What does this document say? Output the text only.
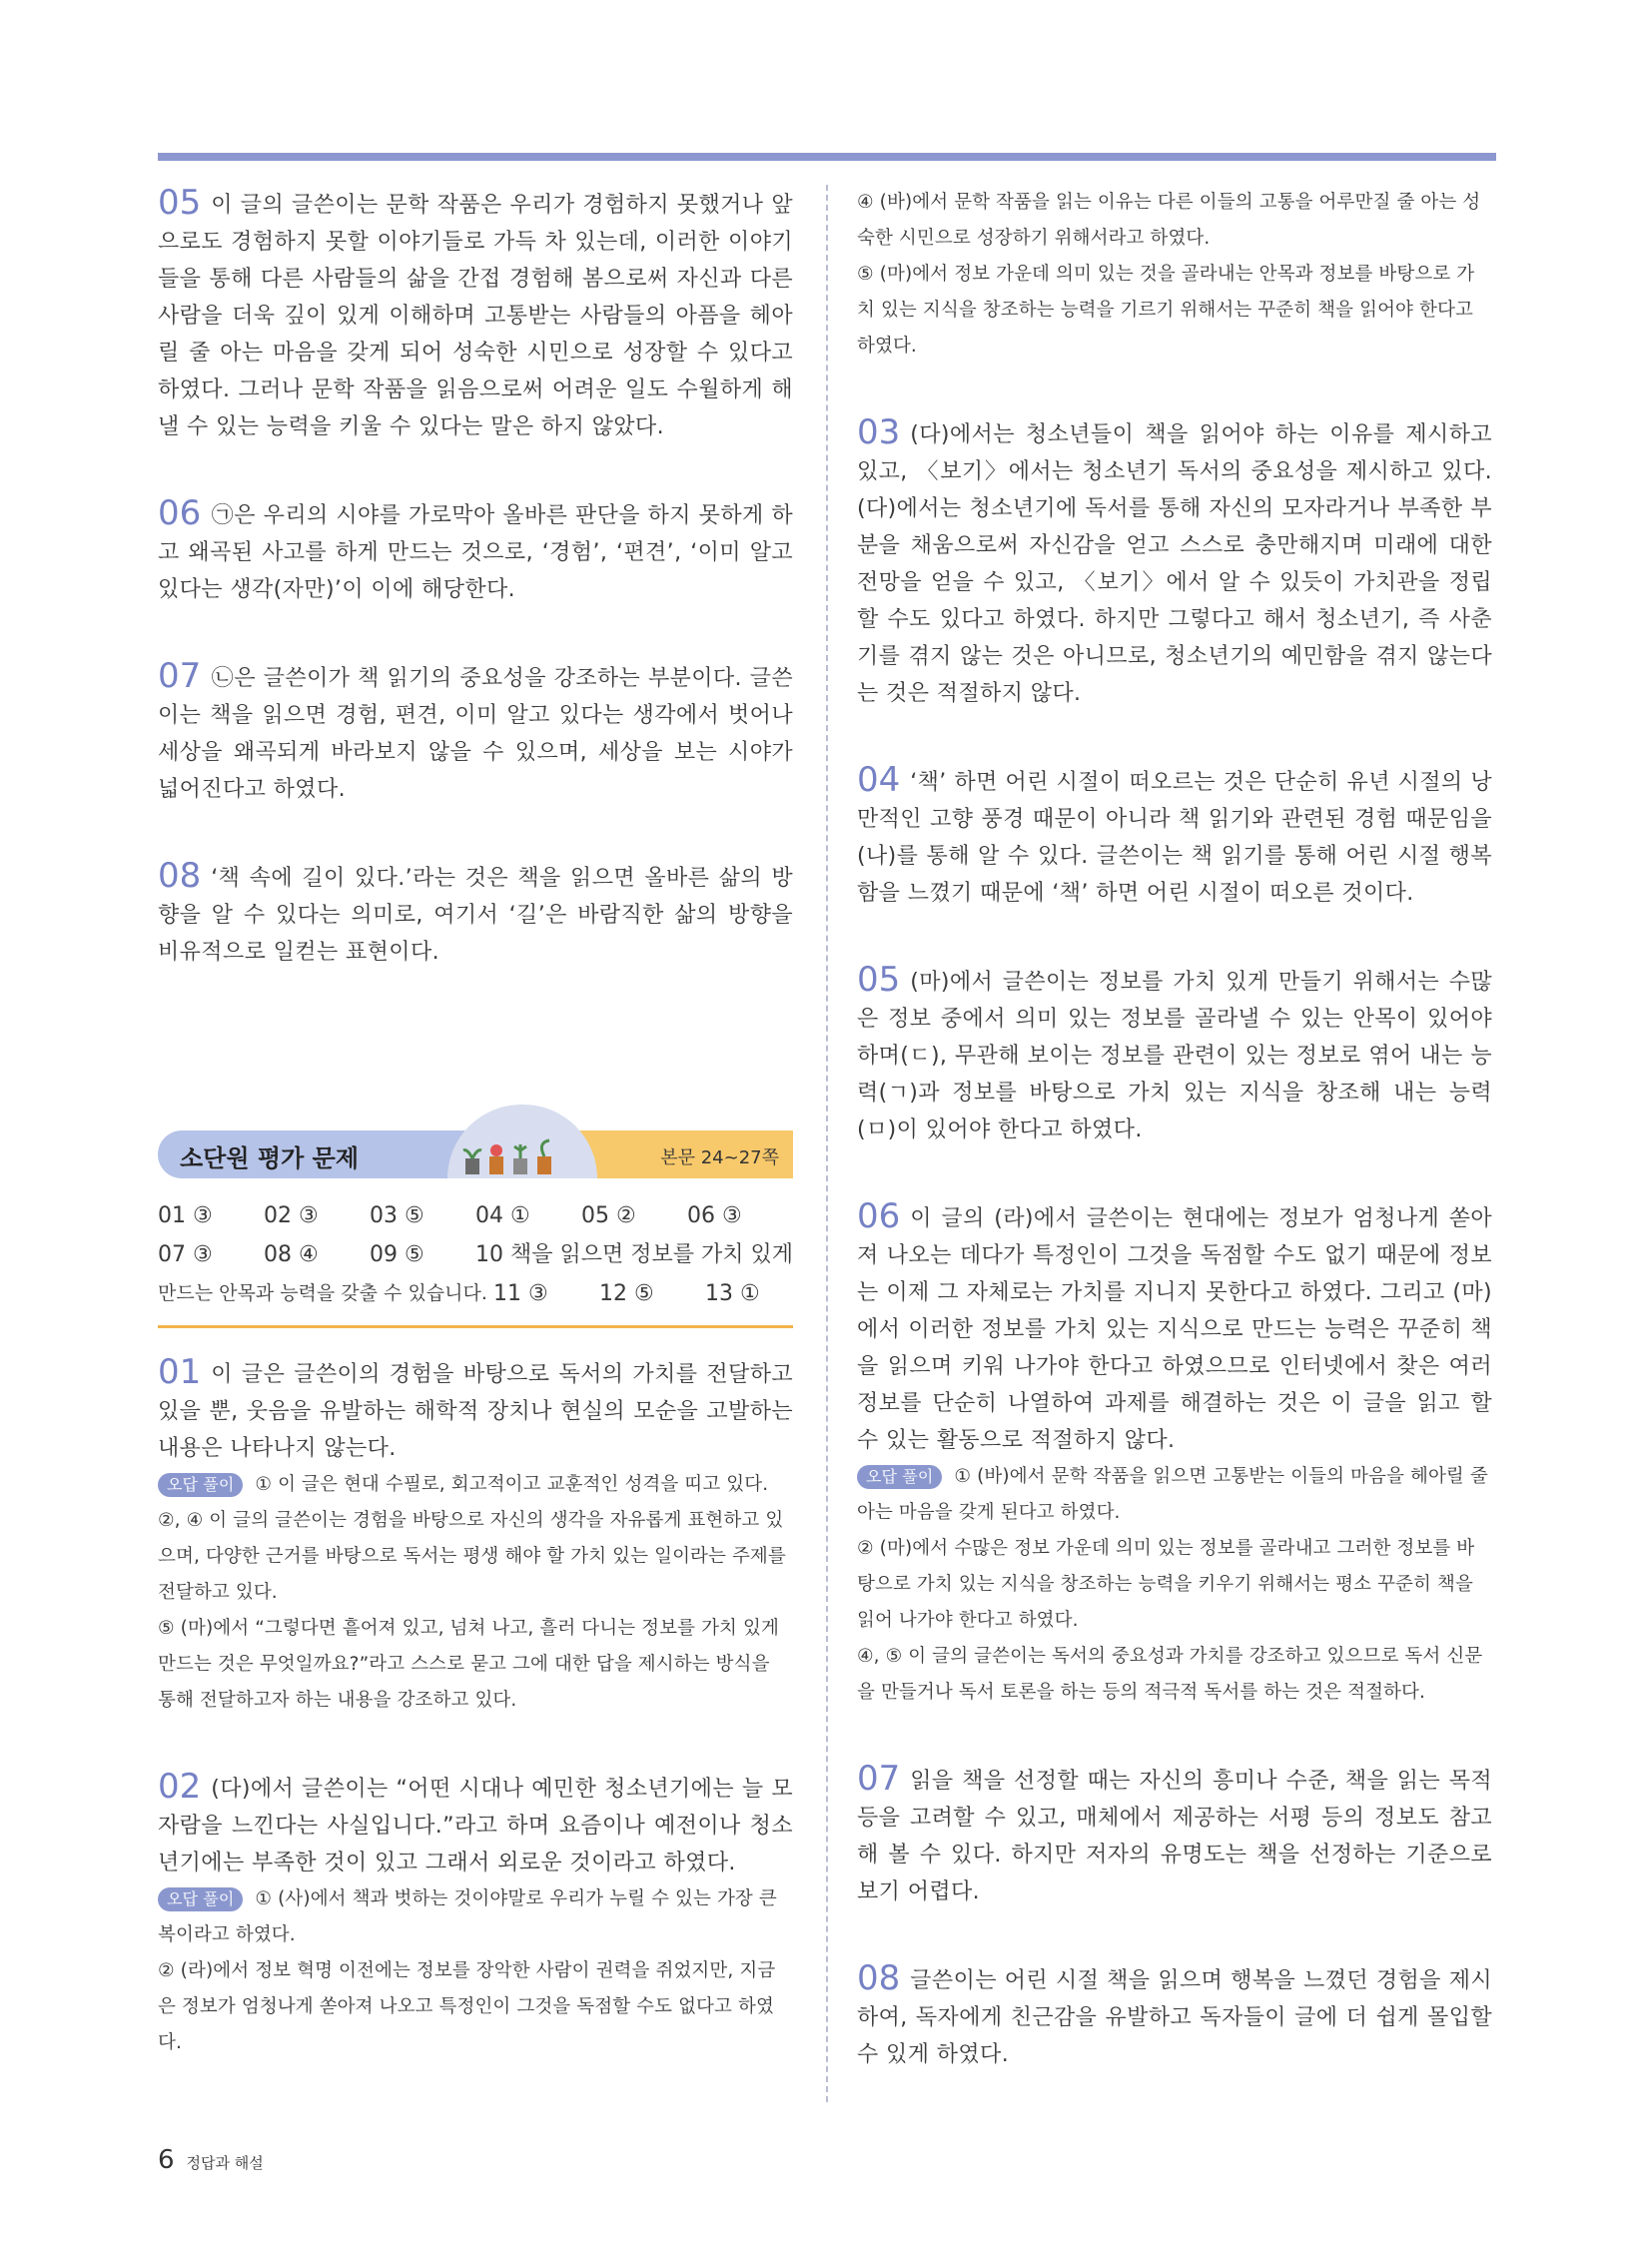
05 이 글의 글쓴이는 문학 작품은 우리가 경험하지 못했거나 앞으로도 경험하지 못할 이야기들로 가득 차 있는데, 이러한 이야기들을 통해 다른 사람들의 삶을 간접 경험해 봄으로써 자신과 다른 사람을 더욱 깊이 있게 이해하며 고통받는 사람들의 아픔을 헤아릴 줄 아는 마음을 갖게 되어 성숙한 시민으로 성장할 수 있다고 하였다. 그러나 문학 작품을 읽음으로써 어려운 일도 수월하게 해낼 수 있는 능력을 키울 수 있다는 말은 하지 않았다.

06 ㉠은 우리의 시야를 가로막아 올바른 판단을 하지 못하게 하고 왜곡된 사고를 하게 만드는 것으로, ‘경험’, ‘편견’, ‘이미 알고 있다는 생각(자만)’이 이에 해당한다.

07 ㉡은 글쓴이가 책 읽기의 중요성을 강조하는 부분이다. 글쓴이는 책을 읽으면 경험, 편견, 이미 알고 있다는 생각에서 벗어나 세상을 왜곡되게 바라보지 않을 수 있으며, 세상을 보는 시야가 넓어진다고 하였다.

08 ‘책 속에 길이 있다.’라는 것은 책을 읽으면 올바른 삶의 방향을 알 수 있다는 의미로, 여기서 ‘길’은 바람직한 삶의 방향을 비유적으로 일컫는 표현이다.

소단원 평가 문제	본문 24~27쪽
01 ③	02 ③	03 ⑤	04 ①	05 ②	06 ③
07 ③	08 ④	09 ⑤	10 책을 읽으면 정보를 가치 있게
만드는 안목과 능력을 갖출 수 있습니다. 11 ③	12 ⑤	13 ①

01 이 글은 글쓴이의 경험을 바탕으로 독서의 가치를 전달하고 있을 뿐, 웃음을 유발하는 해학적 장치나 현실의 모순을 고발하는 내용은 나타나지 않는다.

오답 풀이 ① 이 글은 현대 수필로, 회고적이고 교훈적인 성격을 띠고 있다.

②, ④ 이 글의 글쓴이는 경험을 바탕으로 자신의 생각을 자유롭게 표현하고 있으며, 다양한 근거를 바탕으로 독서는 평생 해야 할 가치 있는 일이라는 주제를 전달하고 있다.

⑤ (마)에서 “그렇다면 흩어져 있고, 넘쳐 나고, 흘러 다니는 정보를 가치 있게 만드는 것은 무엇일까요?”라고 스스로 묻고 그에 대한 답을 제시하는 방식을 통해 전달하고자 하는 내용을 강조하고 있다.

02 (다)에서 글쓴이는 “어떤 시대나 예민한 청소년기에는 늘 모자람을 느낀다는 사실입니다.”라고 하며 요즘이나 예전이나 청소년기에는 부족한 것이 있고 그래서 외로운 것이라고 하였다.

오답 풀이 ① (사)에서 책과 벗하는 것이야말로 우리가 누릴 수 있는 가장 큰 복이라고 하였다.

② (라)에서 정보 혁명 이전에는 정보를 장악한 사람이 권력을 쥐었지만, 지금은 정보가 엄청나게 쏟아져 나오고 특정인이 그것을 독점할 수도 없다고 하였다.

④ (바)에서 문학 작품을 읽는 이유는 다른 이들의 고통을 어루만질 줄 아는 성숙한 시민으로 성장하기 위해서라고 하였다.

⑤ (마)에서 정보 가운데 의미 있는 것을 골라내는 안목과 정보를 바탕으로 가치 있는 지식을 창조하는 능력을 기르기 위해서는 꾸준히 책을 읽어야 한다고 하였다.

03 (다)에서는 청소년들이 책을 읽어야 하는 이유를 제시하고 있고, 〈보기〉에서는 청소년기 독서의 중요성을 제시하고 있다. (다)에서는 청소년기에 독서를 통해 자신의 모자라거나 부족한 부분을 채움으로써 자신감을 얻고 스스로 충만해지며 미래에 대한 전망을 얻을 수 있고, 〈보기〉에서 알 수 있듯이 가치관을 정립할 수도 있다고 하였다. 하지만 그렇다고 해서 청소년기, 즉 사춘기를 겪지 않는 것은 아니므로, 청소년기의 예민함을 겪지 않는다는 것은 적절하지 않다.

04 ‘책’ 하면 어린 시절이 떠오르는 것은 단순히 유년 시절의 낭만적인 고향 풍경 때문이 아니라 책 읽기와 관련된 경험 때문임을 (나)를 통해 알 수 있다. 글쓴이는 책 읽기를 통해 어린 시절 행복함을 느꼈기 때문에 ‘책’ 하면 어린 시절이 떠오른 것이다.

05 (마)에서 글쓴이는 정보를 가치 있게 만들기 위해서는 수많은 정보 중에서 의미 있는 정보를 골라낼 수 있는 안목이 있어야 하며(ㄷ), 무관해 보이는 정보를 관련이 있는 정보로 엮어 내는 능력(ㄱ)과 정보를 바탕으로 가치 있는 지식을 창조해 내는 능력(ㅁ)이 있어야 한다고 하였다.

06 이 글의 (라)에서 글쓴이는 현대에는 정보가 엄청나게 쏟아져 나오는 데다가 특정인이 그것을 독점할 수도 없기 때문에 정보는 이제 그 자체로는 가치를 지니지 못한다고 하였다. 그리고 (마)에서 이러한 정보를 가치 있는 지식으로 만드는 능력은 꾸준히 책을 읽으며 키워 나가야 한다고 하였으므로 인터넷에서 찾은 여러 정보를 단순히 나열하여 과제를 해결하는 것은 이 글을 읽고 할 수 있는 활동으로 적절하지 않다.

오답 풀이 ① (바)에서 문학 작품을 읽으면 고통받는 이들의 마음을 헤아릴 줄 아는 마음을 갖게 된다고 하였다.

② (마)에서 수많은 정보 가운데 의미 있는 정보를 골라내고 그러한 정보를 바탕으로 가치 있는 지식을 창조하는 능력을 키우기 위해서는 평소 꾸준히 책을 읽어 나가야 한다고 하였다.

④, ⑤ 이 글의 글쓴이는 독서의 중요성과 가치를 강조하고 있으므로 독서 신문을 만들거나 독서 토론을 하는 등의 적극적 독서를 하는 것은 적절하다.

07 읽을 책을 선정할 때는 자신의 흥미나 수준, 책을 읽는 목적 등을 고려할 수 있고, 매체에서 제공하는 서평 등의 정보도 참고해 볼 수 있다. 하지만 저자의 유명도는 책을 선정하는 기준으로 보기 어렵다.

08 글쓴이는 어린 시절 책을 읽으며 행복을 느꼈던 경험을 제시하여, 독자에게 친근감을 유발하고 독자들이 글에 더 쉽게 몰입할 수 있게 하였다.

6 정답과 해설
